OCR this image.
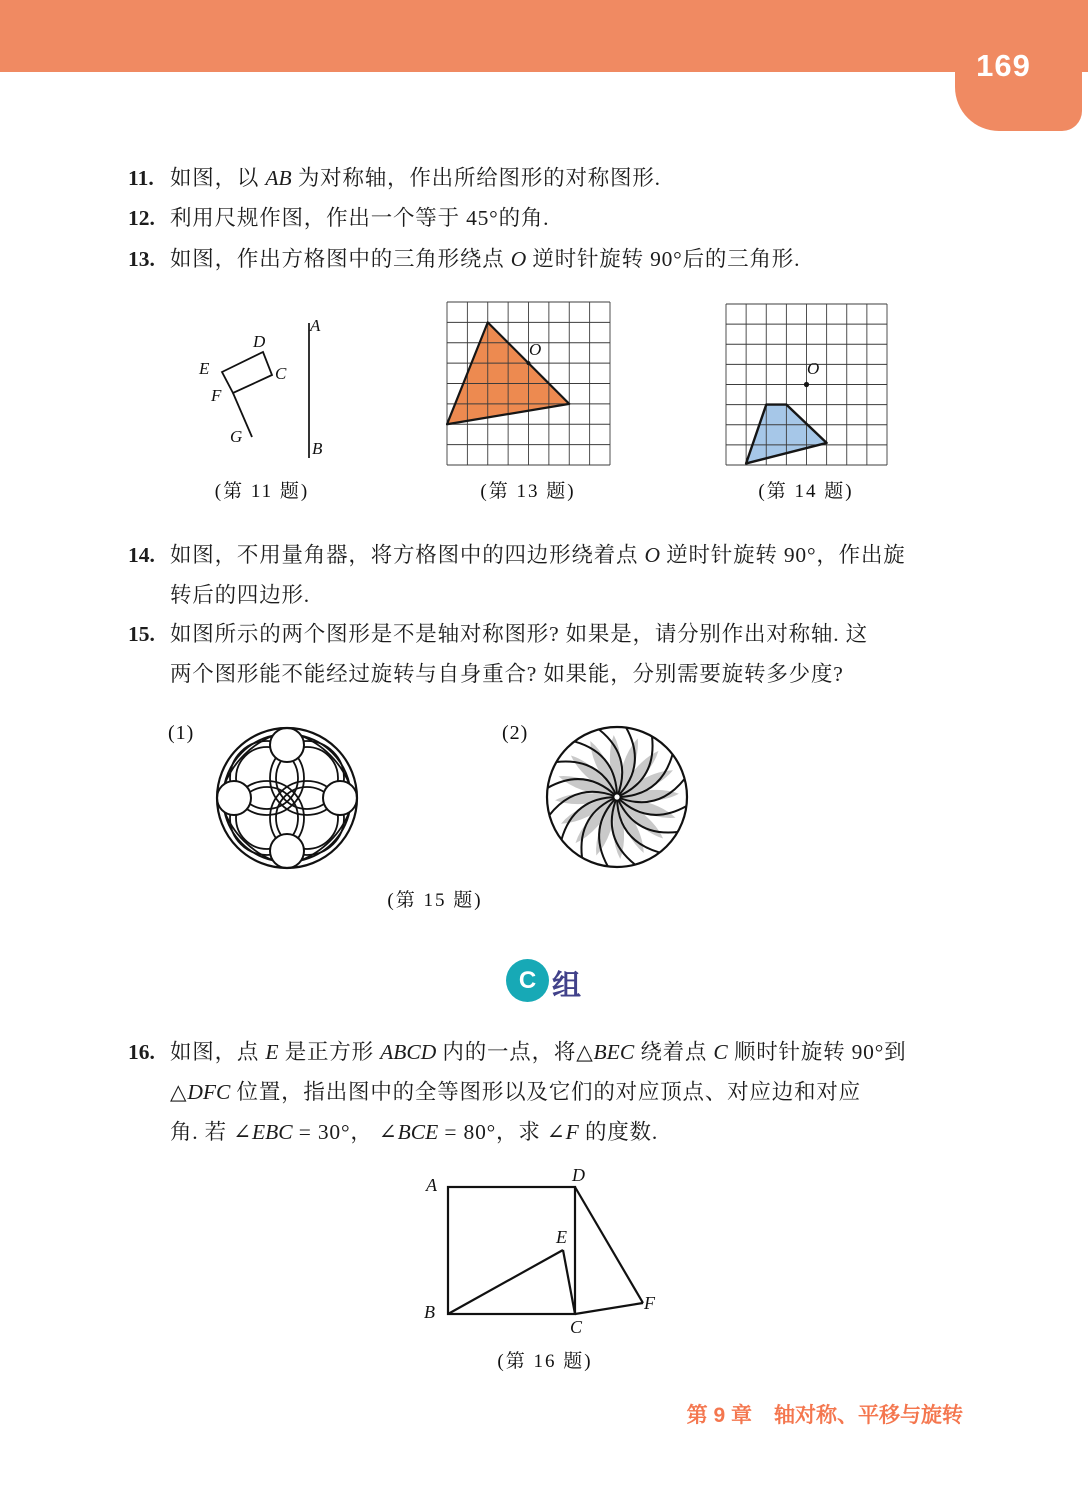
169
11. 如图，以 AB 为对称轴，作出所给图形的对称图形.
12. 利用尺规作图，作出一个等于 45°的角.
13. 如图，作出方格图中的三角形绕点 O 逆时针旋转 90°后的三角形.
14. 如图，不用量角器，将方格图中的四边形绕着点 O 逆时针旋转 90°，作出旋
转后的四边形.
15. 如图所示的两个图形是不是轴对称图形? 如果是，请分别作出对称轴. 这
两个图形能不能经过旋转与自身重合? 如果能，分别需要旋转多少度?
16. 如图，点 E 是正方形 ABCD 内的一点，将△BEC 绕着点 C 顺时针旋转 90°到
△DFC 位置，指出图中的全等图形以及它们的对应顶点、对应边和对应
角. 若 ∠EBC = 30°， ∠BCE = 80°，求 ∠F 的度数.
A
B
D
E	C
F
G
(第 11 题)
O
(第 13 题)
O
(第 14 题)
(1)	(2)
(第 15 题)
C 组
A	D
B
C
E
F
(第 16 题)
第 9 章 轴对称、平移与旋转
